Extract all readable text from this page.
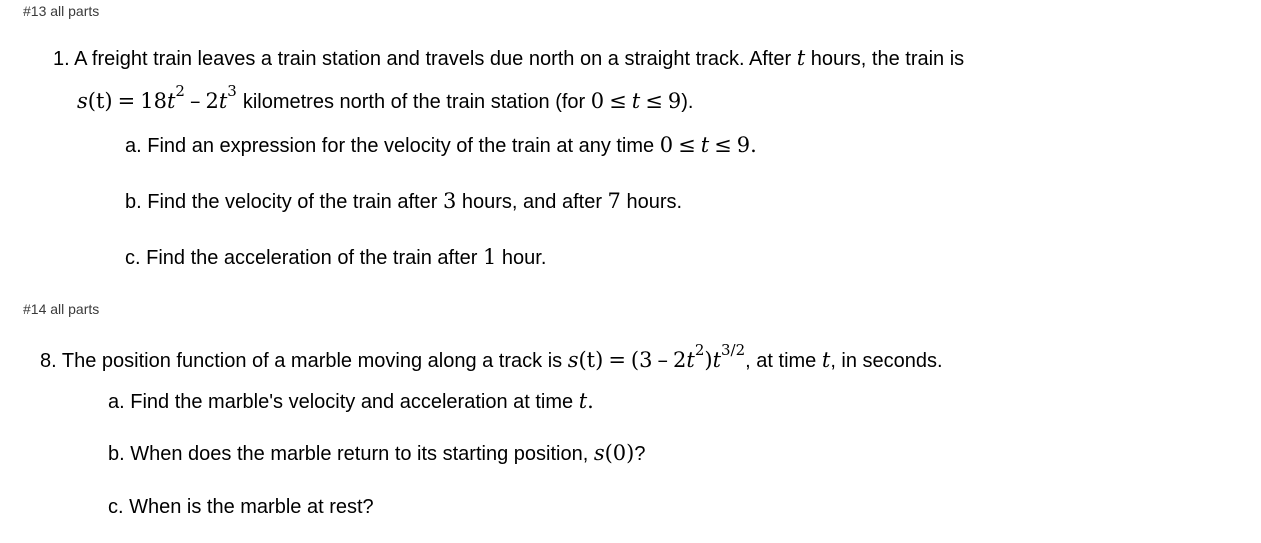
#13 all parts
1. A freight train leaves a train station and travels due north on a straight track. After t hours, the train is
$s(t) = 18t^2 - 2t^3$ kilometres north of the train station (for 0 ≤ t ≤ 9).
a. Find an expression for the velocity of the train at any time 0 ≤ t ≤ 9.
b. Find the velocity of the train after 3 hours, and after 7 hours.
c. Find the acceleration of the train after 1 hour.
#14 all parts
8. The position function of a marble moving along a track is $s(t) = (3 - 2t^2)t^{3/2}$, at time t, in seconds.
a. Find the marble's velocity and acceleration at time t.
b. When does the marble return to its starting position, s(0)?
c. When is the marble at rest?
